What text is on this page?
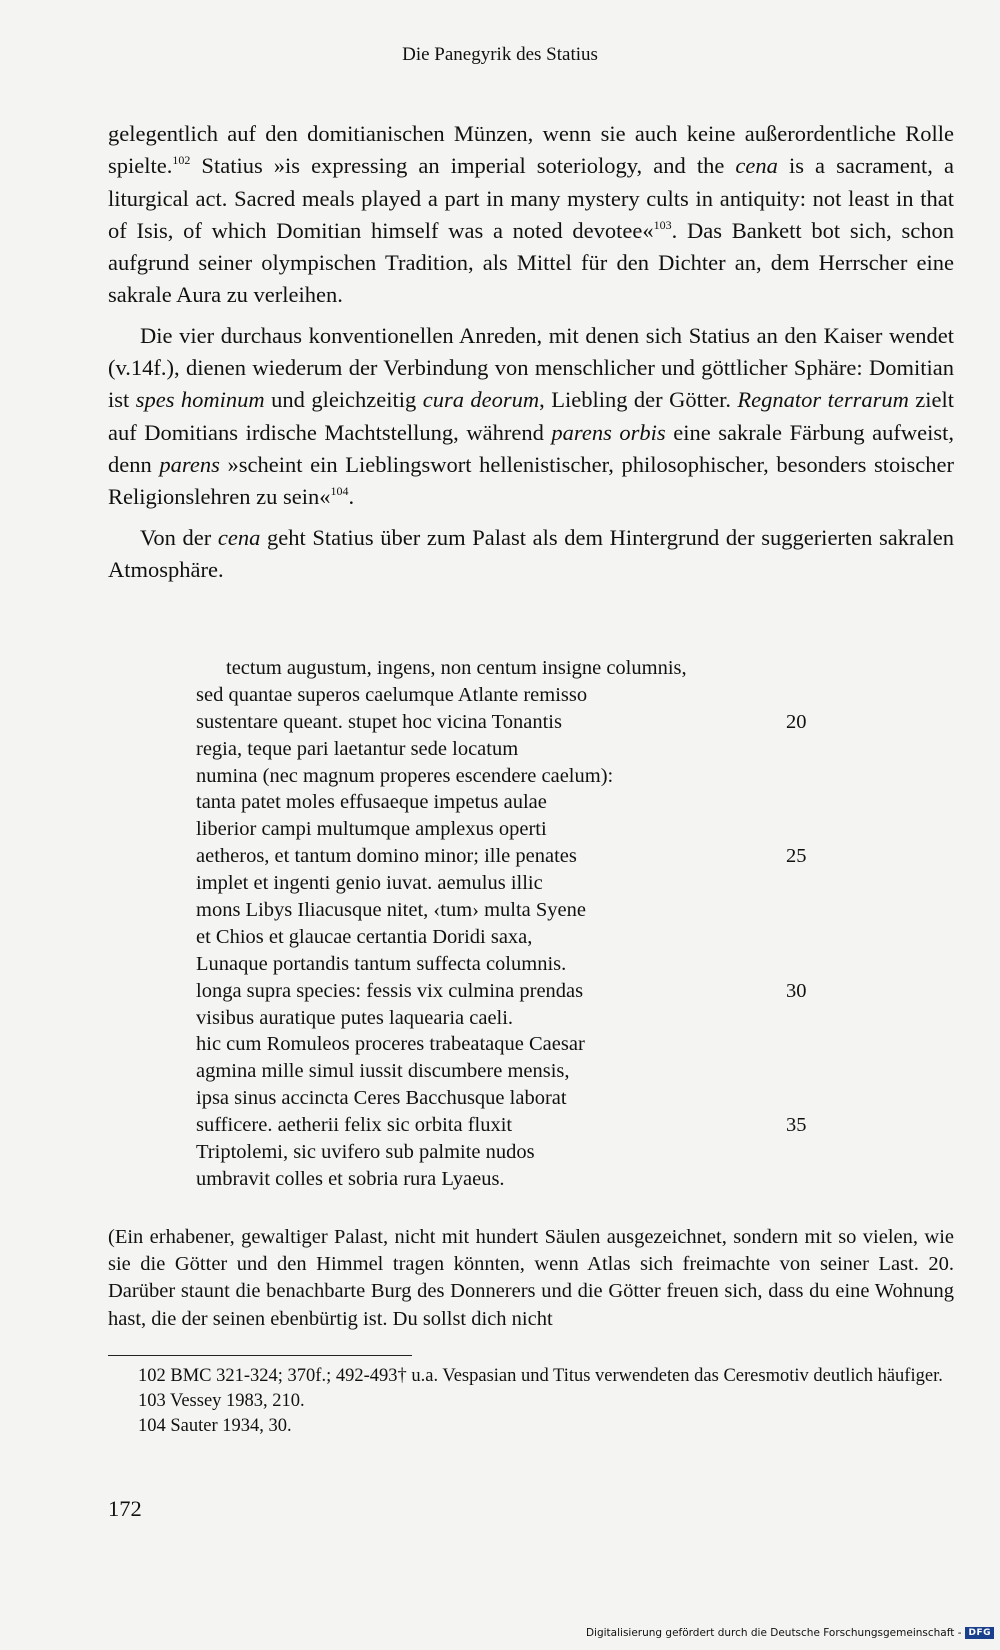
Die Panegyrik des Statius

gelegentlich auf den domitianischen Münzen, wenn sie auch keine außerordentliche Rolle spielte.$^{102}$ Statius »is expressing an imperial soteriology, and the cena is a sacrament, a liturgical act. Sacred meals played a part in many mystery cults in antiquity: not least in that of Isis, of which Domitian himself was a noted devotee«$^{103}$. Das Bankett bot sich, schon aufgrund seiner olympischen Tradition, als Mittel für den Dichter an, dem Herrscher eine sakrale Aura zu verleihen.

Die vier durchaus konventionellen Anreden, mit denen sich Statius an den Kaiser wendet (v.14f.), dienen wiederum der Verbindung von menschlicher und göttlicher Sphäre: Domitian ist spes hominum und gleichzeitig cura deorum, Liebling der Götter. Regnator terrarum zielt auf Domitians irdische Machtstellung, während parens orbis eine sakrale Färbung aufweist, denn parens »scheint ein Lieblingswort hellenistischer, philosophischer, besonders stoischer Religionslehren zu sein«$^{104}$.

Von der cena geht Statius über zum Palast als dem Hintergrund der suggerierten sakralen Atmosphäre.

tectum augustum, ingens, non centum insigne columnis,
sed quantae superos caelumque Atlante remisso
sustentare queant. stupet hoc vicina Tonantis	20
regia, teque pari laetantur sede locatum
numina (nec magnum properes escendere caelum):
tanta patet moles effusaeque impetus aulae
liberior campi multumque amplexus operti
aetheros, et tantum domino minor; ille penates	25
implet et ingenti genio iuvat. aemulus illic
mons Libys Iliacusque nitet, ‹tum› multa Syene
et Chios et glaucae certantia Doridi saxa,
Lunaque portandis tantum suffecta columnis.
longa supra species: fessis vix culmina prendas	30
visibus auratique putes laquearia caeli.
hic cum Romuleos proceres trabeataque Caesar
agmina mille simul iussit discumbere mensis,
ipsa sinus accincta Ceres Bacchusque laborat
sufficere. aetherii felix sic orbita fluxit	35
Triptolemi, sic uvifero sub palmite nudos
umbravit colles et sobria rura Lyaeus.

(Ein erhabener, gewaltiger Palast, nicht mit hundert Säulen ausgezeichnet, sondern mit so vielen, wie sie die Götter und den Himmel tragen könnten, wenn Atlas sich freimachte von seiner Last. 20. Darüber staunt die benachbarte Burg des Donnerers und die Götter freuen sich, dass du eine Wohnung hast, die der seinen ebenbürtig ist. Du sollst dich nicht

102 BMC 321-324; 370f.; 492-493† u.a. Vespasian und Titus verwendeten das Ceresmotiv deutlich häufiger.

103 Vessey 1983, 210.

104 Sauter 1934, 30.

172
Digitalisierung gefördert durch die Deutsche Forschungsgemeinschaft - DFG
